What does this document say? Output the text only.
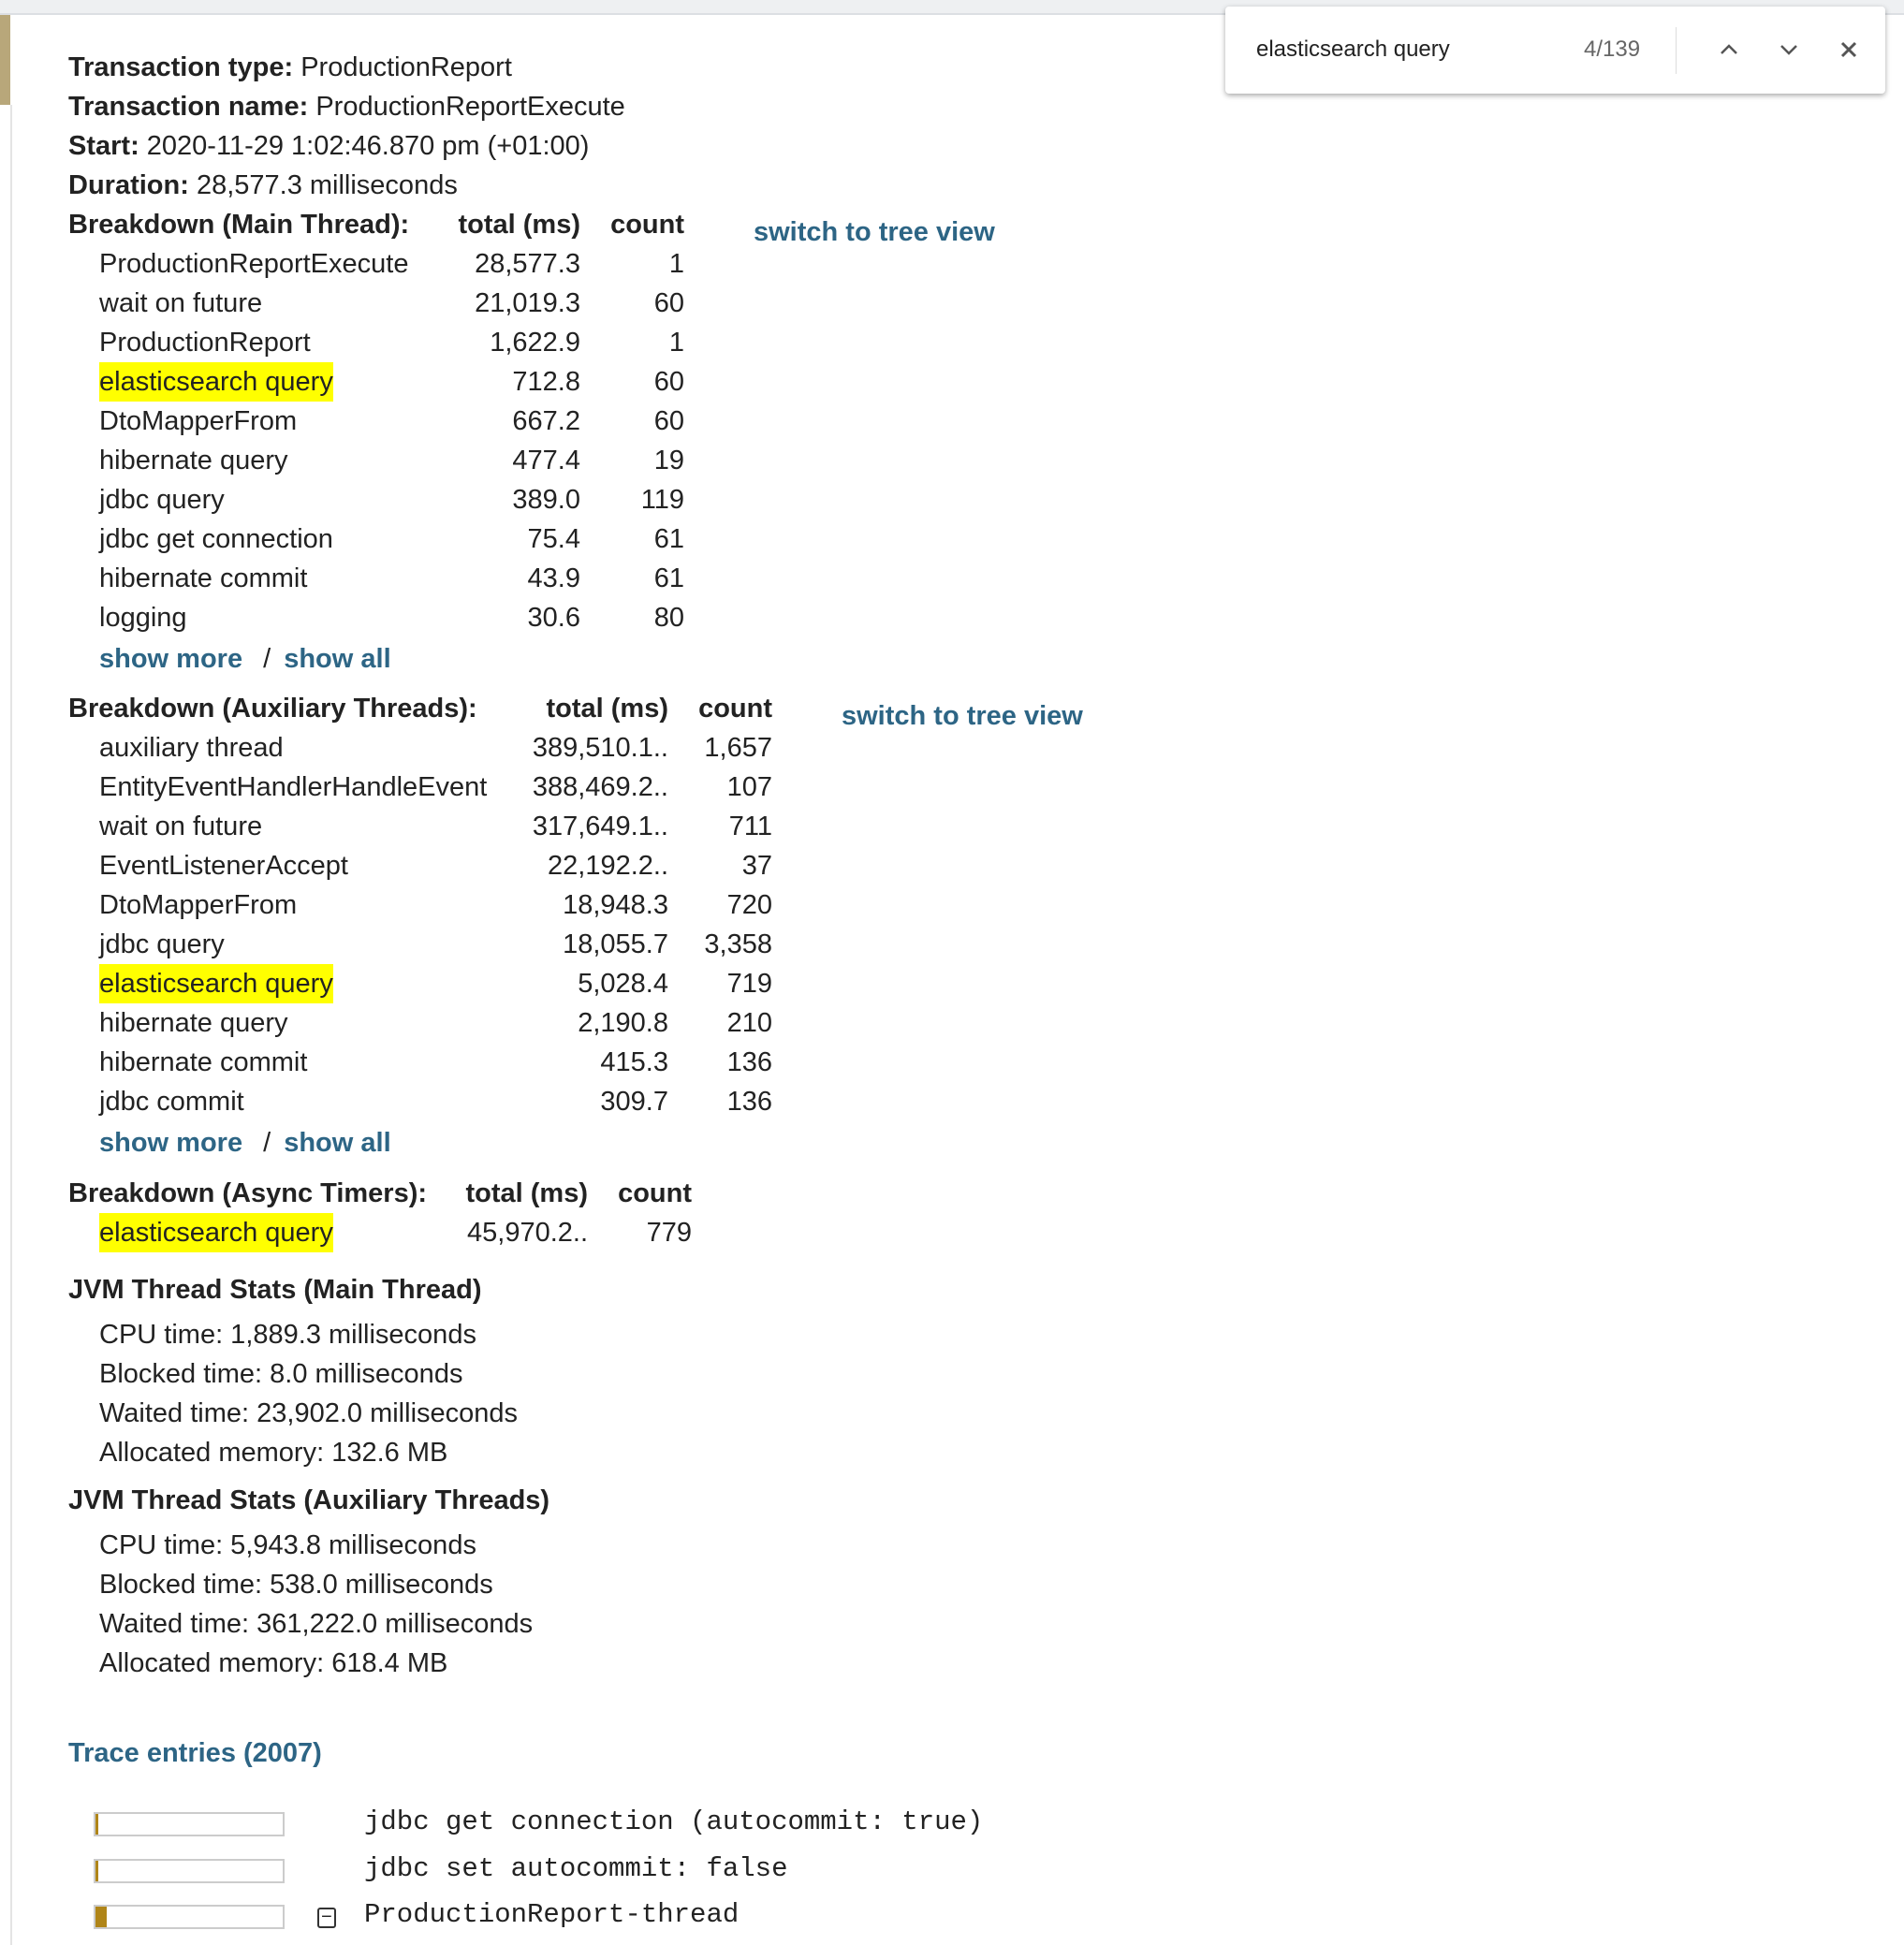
Transaction type: ProductionReport
Transaction name: ProductionReportExecute
Start: 2020-11-29 1:02:46.870 pm (+01:00)
Duration: 28,577.3 milliseconds
Breakdown (Main Thread): total (ms) count	switch to tree view
ProductionReportExecute 28,577.3	1
wait on future	21,019.3	60
ProductionReport	1,622.9	1
elasticsearch query	712.8	60
DtoMapperFrom	667.2	60
hibernate query	477.4	19
jdbc query	389.0 119
jdbc get connection	75.4	61
hibernate commit	43.9	61
logging	30.6	80
show more / show all
Breakdown (Auxiliary Threads):	total (ms) count	switch to tree view
auxiliary thread	389,510.1.. 1,657
EntityEventHandlerHandleEvent 388,469.2.. 107
wait on future	317,649.1.. 711
EventListenerAccept	22,192.2..	37
DtoMapperFrom	18,948.3 720
jdbc query	18,055.7 3,358
elasticsearch query	5,028.4 719
hibernate query	2,190.8 210
hibernate commit	415.3 136
jdbc commit	309.7 136
show more / show all
Breakdown (Async Timers): total (ms) count
elasticsearch query	45,970.2.. 779
JVM Thread Stats (Main Thread)
CPU time: 1,889.3 milliseconds
Blocked time: 8.0 milliseconds
Waited time: 23,902.0 milliseconds
Allocated memory: 132.6 MB
JVM Thread Stats (Auxiliary Threads)
CPU time: 5,943.8 milliseconds
Blocked time: 538.0 milliseconds
Waited time: 361,222.0 milliseconds
Allocated memory: 618.4 MB
Trace entries (2007)
jdbc get connection (autocommit: true)
jdbc set autocommit: false
− ProductionReport-thread
elasticsearch query	4/139
